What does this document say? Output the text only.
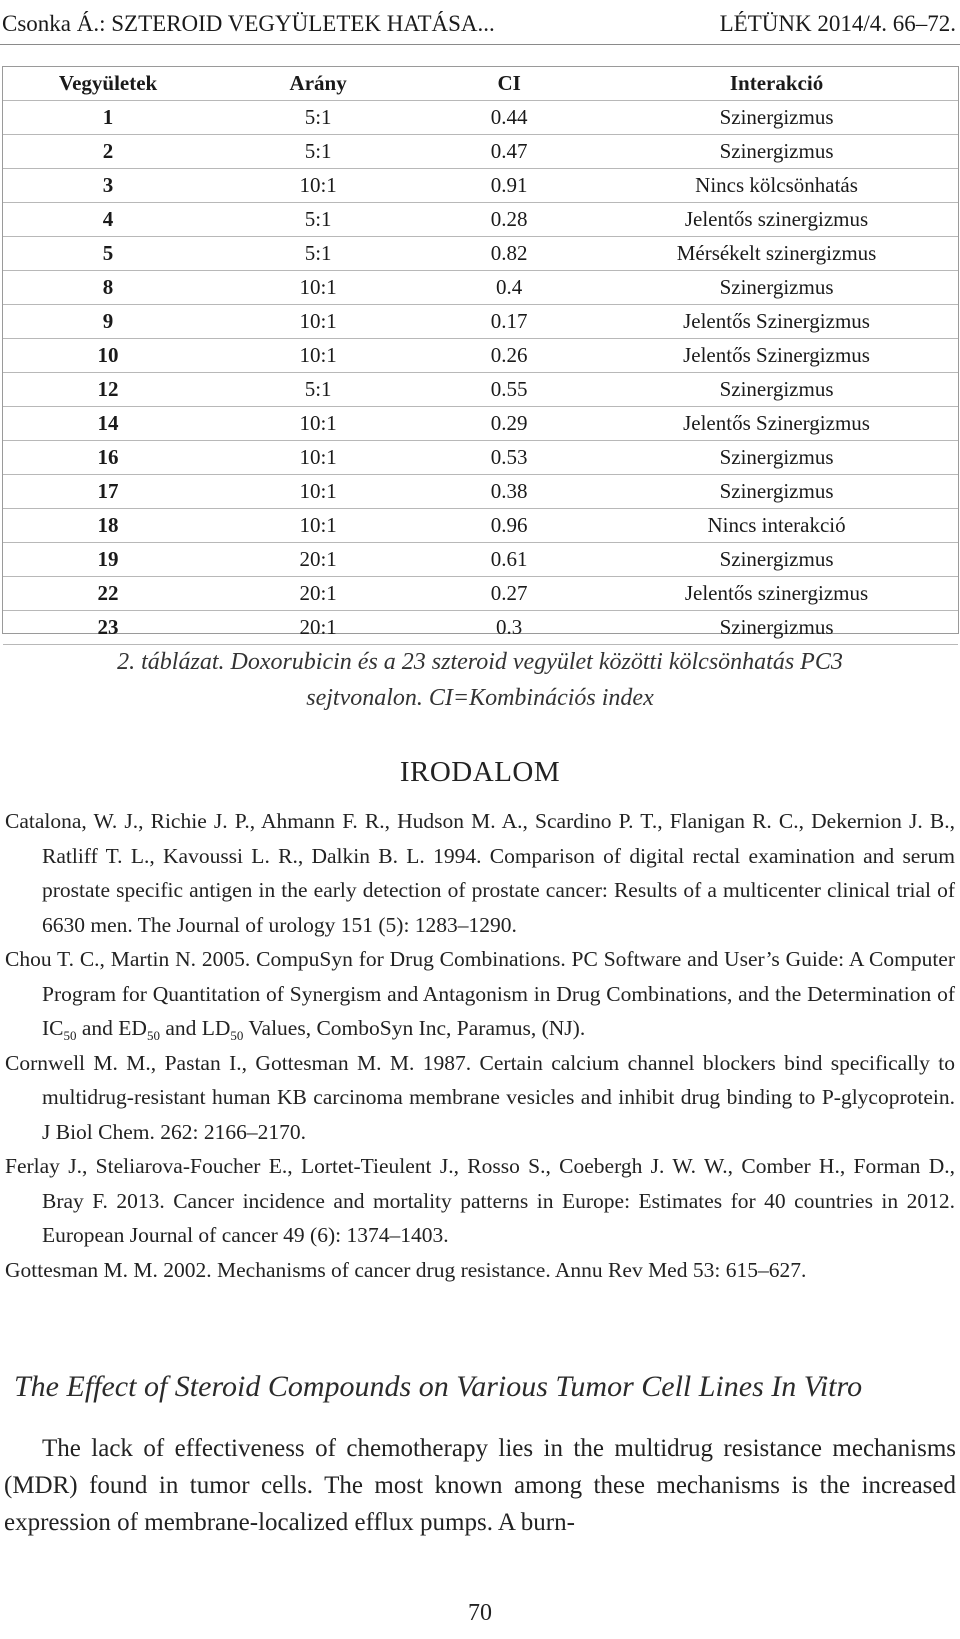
Csonka Á.: SZTEROID VEGYÜLETEK HATÁSA...	LÉTÜNK 2014/4. 66–72.
Vegyületek	Arány	CI	Interakció
1	5:1	0.44	Szinergizmus
2	5:1	0.47	Szinergizmus
3	10:1	0.91	Nincs kölcsönhatás
4	5:1	0.28	Jelentős szinergizmus
5	5:1	0.82	Mérsékelt szinergizmus
8	10:1	0.4	Szinergizmus
9	10:1	0.17	Jelentős Szinergizmus
10	10:1	0.26	Jelentős Szinergizmus
12	5:1	0.55	Szinergizmus
14	10:1	0.29	Jelentős Szinergizmus
16	10:1	0.53	Szinergizmus
17	10:1	0.38	Szinergizmus
18	10:1	0.96	Nincs interakció
19	20:1	0.61	Szinergizmus
22	20:1	0.27	Jelentős szinergizmus
23	20:1	0.3	Szinergizmus
2. táblázat. Doxorubicin és a 23 szteroid vegyület közötti kölcsönhatás PC3
sejtvonalon. CI=Kombinációs index
IRODALOM

Catalona, W. J., Richie J. P., Ahmann F. R., Hudson M. A., Scardino P. T., Flanigan R. C., Dekernion J. B., Ratliff T. L., Kavoussi L. R., Dalkin B. L. 1994. Comparison of digital rectal examination and serum prostate specific antigen in the early detection of prostate cancer: Results of a multicenter clinical trial of 6630 men. The Journal of urology 151 (5): 1283–1290.

Chou T. C., Martin N. 2005. CompuSyn for Drug Combinations. PC Software and User’s Guide: A Computer Program for Quantitation of Synergism and Antagonism in Drug Combinations, and the Determination of $IC_{50}$ and $ED_{50}$ and $LD_{50}$ Values, ComboSyn Inc, Paramus, (NJ).

Cornwell M. M., Pastan I., Gottesman M. M. 1987. Certain calcium channel blockers bind specifically to multidrug-resistant human KB carcinoma membrane vesicles and inhibit drug binding to P-glycoprotein. J Biol Chem. 262: 2166–2170.

Ferlay J., Steliarova-Foucher E., Lortet-Tieulent J., Rosso S., Coebergh J. W. W., Comber H., Forman D., Bray F. 2013. Cancer incidence and mortality patterns in Europe: Estimates for 40 countries in 2012. European Journal of cancer 49 (6): 1374–1403.

Gottesman M. M. 2002. Mechanisms of cancer drug resistance. Annu Rev Med 53: 615–627.

The Effect of Steroid Compounds on Various Tumor Cell Lines In Vitro
The lack of effectiveness of chemotherapy lies in the multidrug resistance mechanisms (MDR) found in tumor cells. The most known among these mechanisms is the increased expression of membrane-localized efflux pumps. A burn-
70
